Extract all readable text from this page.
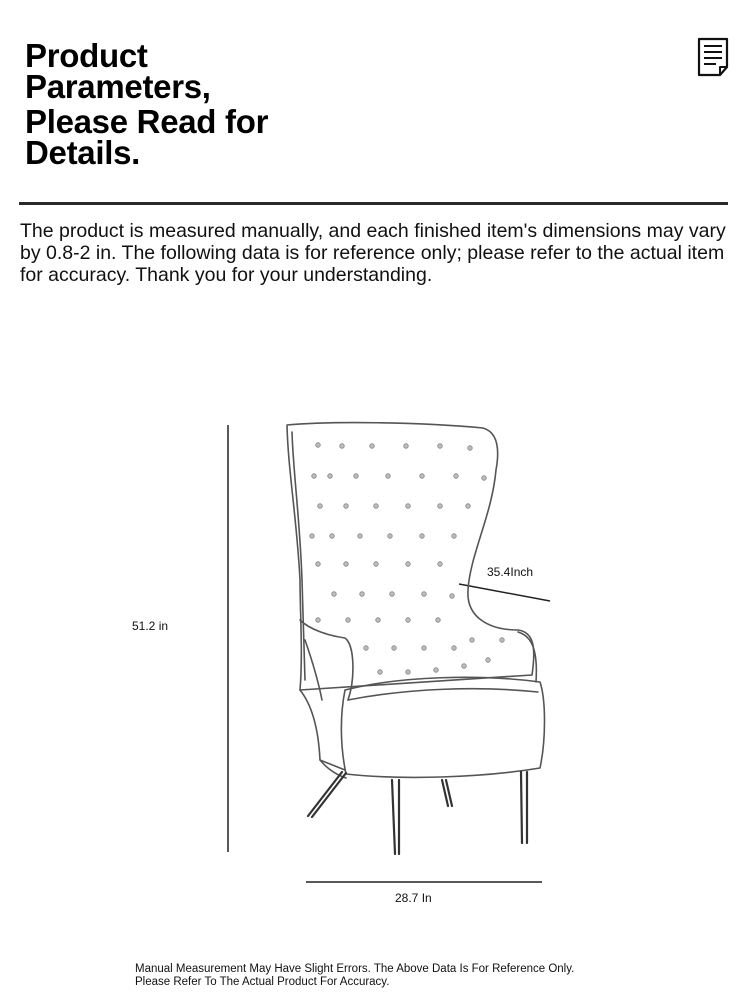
Product
Parameters,
Please Read for
Details.
The product is measured manually, and each finished item's dimensions may vary by 0.8-2 in. The following data is for reference only; please refer to the actual item for accuracy. Thank you for your understanding.
51.2 in
35.4Inch
28.7 In
Manual Measurement May Have Slight Errors. The Above Data Is For Reference Only.
Please Refer To The Actual Product For Accuracy.
